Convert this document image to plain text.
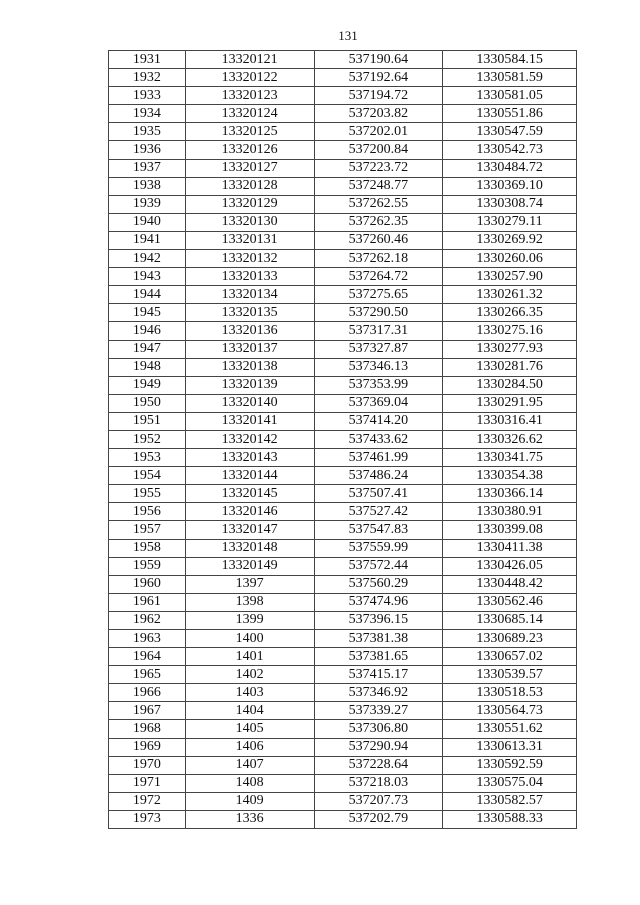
131
1931	13320121	537190.64	1330584.15
1932	13320122	537192.64	1330581.59
1933	13320123	537194.72	1330581.05
1934	13320124	537203.82	1330551.86
1935	13320125	537202.01	1330547.59
1936	13320126	537200.84	1330542.73
1937	13320127	537223.72	1330484.72
1938	13320128	537248.77	1330369.10
1939	13320129	537262.55	1330308.74
1940	13320130	537262.35	1330279.11
1941	13320131	537260.46	1330269.92
1942	13320132	537262.18	1330260.06
1943	13320133	537264.72	1330257.90
1944	13320134	537275.65	1330261.32
1945	13320135	537290.50	1330266.35
1946	13320136	537317.31	1330275.16
1947	13320137	537327.87	1330277.93
1948	13320138	537346.13	1330281.76
1949	13320139	537353.99	1330284.50
1950	13320140	537369.04	1330291.95
1951	13320141	537414.20	1330316.41
1952	13320142	537433.62	1330326.62
1953	13320143	537461.99	1330341.75
1954	13320144	537486.24	1330354.38
1955	13320145	537507.41	1330366.14
1956	13320146	537527.42	1330380.91
1957	13320147	537547.83	1330399.08
1958	13320148	537559.99	1330411.38
1959	13320149	537572.44	1330426.05
1960	1397	537560.29	1330448.42
1961	1398	537474.96	1330562.46
1962	1399	537396.15	1330685.14
1963	1400	537381.38	1330689.23
1964	1401	537381.65	1330657.02
1965	1402	537415.17	1330539.57
1966	1403	537346.92	1330518.53
1967	1404	537339.27	1330564.73
1968	1405	537306.80	1330551.62
1969	1406	537290.94	1330613.31
1970	1407	537228.64	1330592.59
1971	1408	537218.03	1330575.04
1972	1409	537207.73	1330582.57
1973	1336	537202.79	1330588.33
